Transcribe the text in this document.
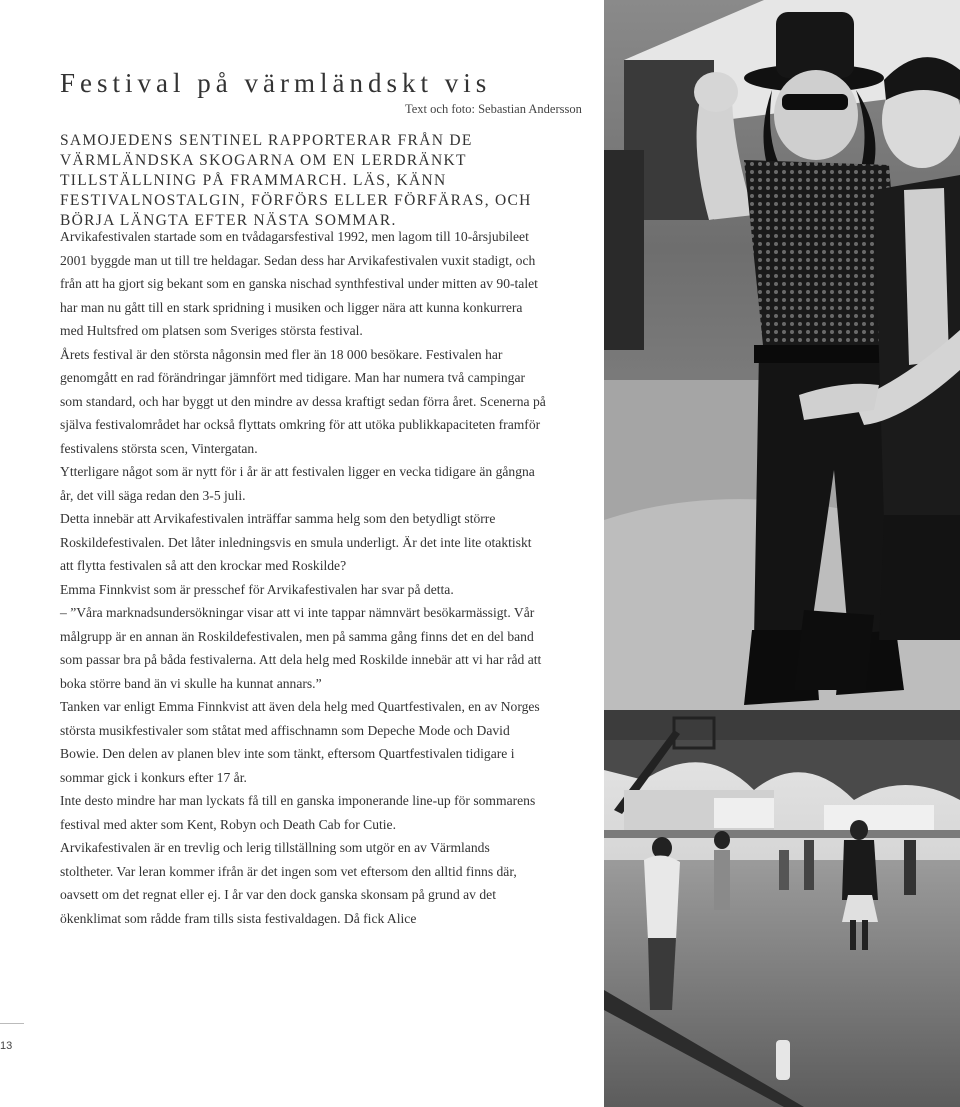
Festival på värmländskt vis
Text och foto: Sebastian Andersson

SAMOJEDENS SENTINEL RAPPORTERAR FRÅN DE VÄRMLÄNDSKA SKOGARNA OM EN LERDRÄNKT TILLSTÄLLNING PÅ FRAMMARCH. LÄS, KÄNN FESTIVALNOSTALGIN, FÖRFÖRS ELLER FÖRFÄRAS, OCH BÖRJA LÄNGTA EFTER NÄSTA SOMMAR.

Arvikafestivalen startade som en tvådagarsfestival 1992, men lagom till 10-årsjubileet 2001 byggde man ut till tre heldagar. Sedan dess har Arvikafestivalen vuxit stadigt, och från att ha gjort sig bekant som en ganska nischad synthfestival under mitten av 90-talet har man nu gått till en stark spridning i musiken och ligger nära att kunna konkurrera med Hultsfred om platsen som Sveriges största festival.
Årets festival är den största någonsin med fler än 18 000 besökare. Festivalen har genomgått en rad förändringar jämnfört med tidigare. Man har numera två campingar som standard, och har byggt ut den mindre av dessa kraftigt sedan förra året. Scenerna på själva festivalområdet har också flyttats omkring för att utöka publikkapaciteten framför festivalens största scen, Vintergatan.
Ytterligare något som är nytt för i år är att festivalen ligger en vecka tidigare än gångna år, det vill säga redan den 3-5 juli.
Detta innebär att Arvikafestivalen inträffar samma helg som den betydligt större Roskildefestivalen. Det låter inledningsvis en smula underligt. Är det inte lite otaktiskt att flytta festivalen så att den krockar med Roskilde?
Emma Finnkvist som är presschef för Arvikafestivalen har svar på detta.
– ”Våra marknadsundersökningar visar att vi inte tappar nämnvärt besökarmässigt. Vår målgrupp är en annan än Roskildefestivalen, men på samma gång finns det en del band som passar bra på båda festivalerna. Att dela helg med Roskilde innebär att vi har råd att boka större band än vi skulle ha kunnat annars.”
Tanken var enligt Emma Finnkvist att även dela helg med Quartfestivalen, en av Norges största musikfestivaler som ståtat med affischnamn som Depeche Mode och David Bowie. Den delen av planen blev inte som tänkt, eftersom Quartfestivalen tidigare i sommar gick i konkurs efter 17 år.
Inte desto mindre har man lyckats få till en ganska imponerande line-up för sommarens festival med akter som Kent, Robyn och Death Cab for Cutie.
Arvikafestivalen är en trevlig och lerig tillställning som utgör en av Värmlands stoltheter. Var leran kommer ifrån är det ingen som vet eftersom den alltid finns där, oavsett om det regnat eller ej. I år var den dock ganska skonsam på grund av det ökenklimat som rådde fram tills sista festivaldagen. Då fick Alice
13
